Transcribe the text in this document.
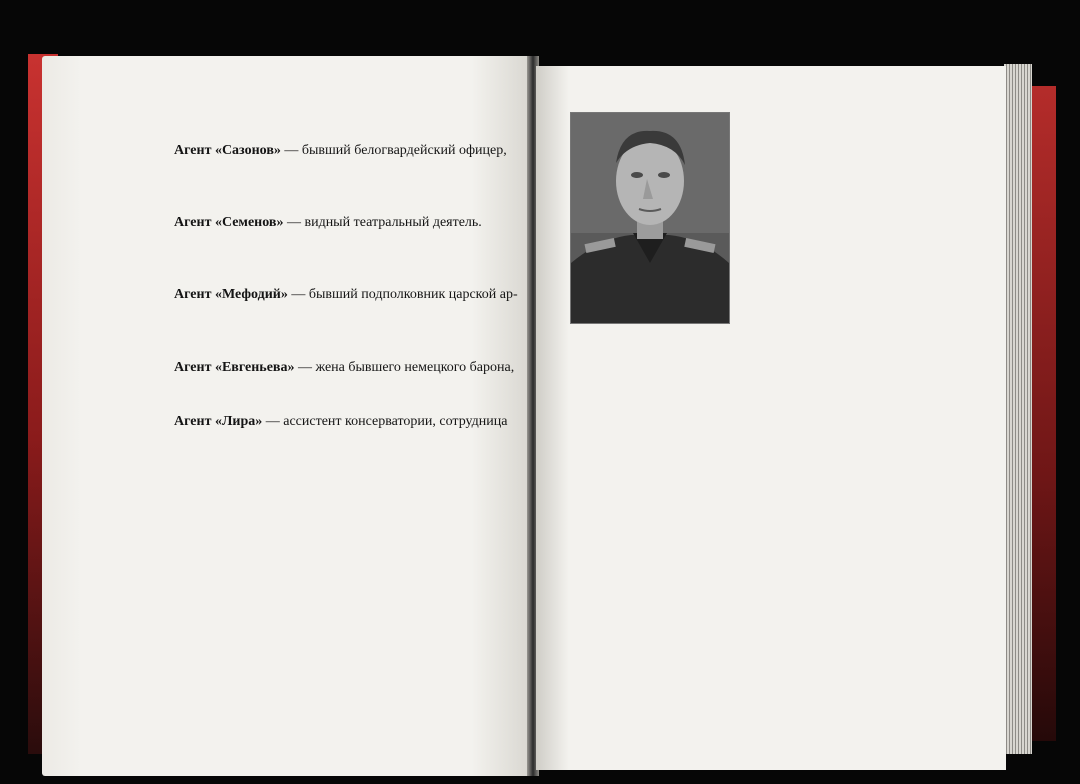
Агент «Сазонов» — бывший белогвардейский офицер,
Агент «Семенов» — видный театральный деятель.
Агент «Мефодий» — бывший подполковник царской ар-
Агент «Евгеньева» — жена бывшего немецкого барона,
Агент «Лира» — ассистент консерватории, сотрудница
